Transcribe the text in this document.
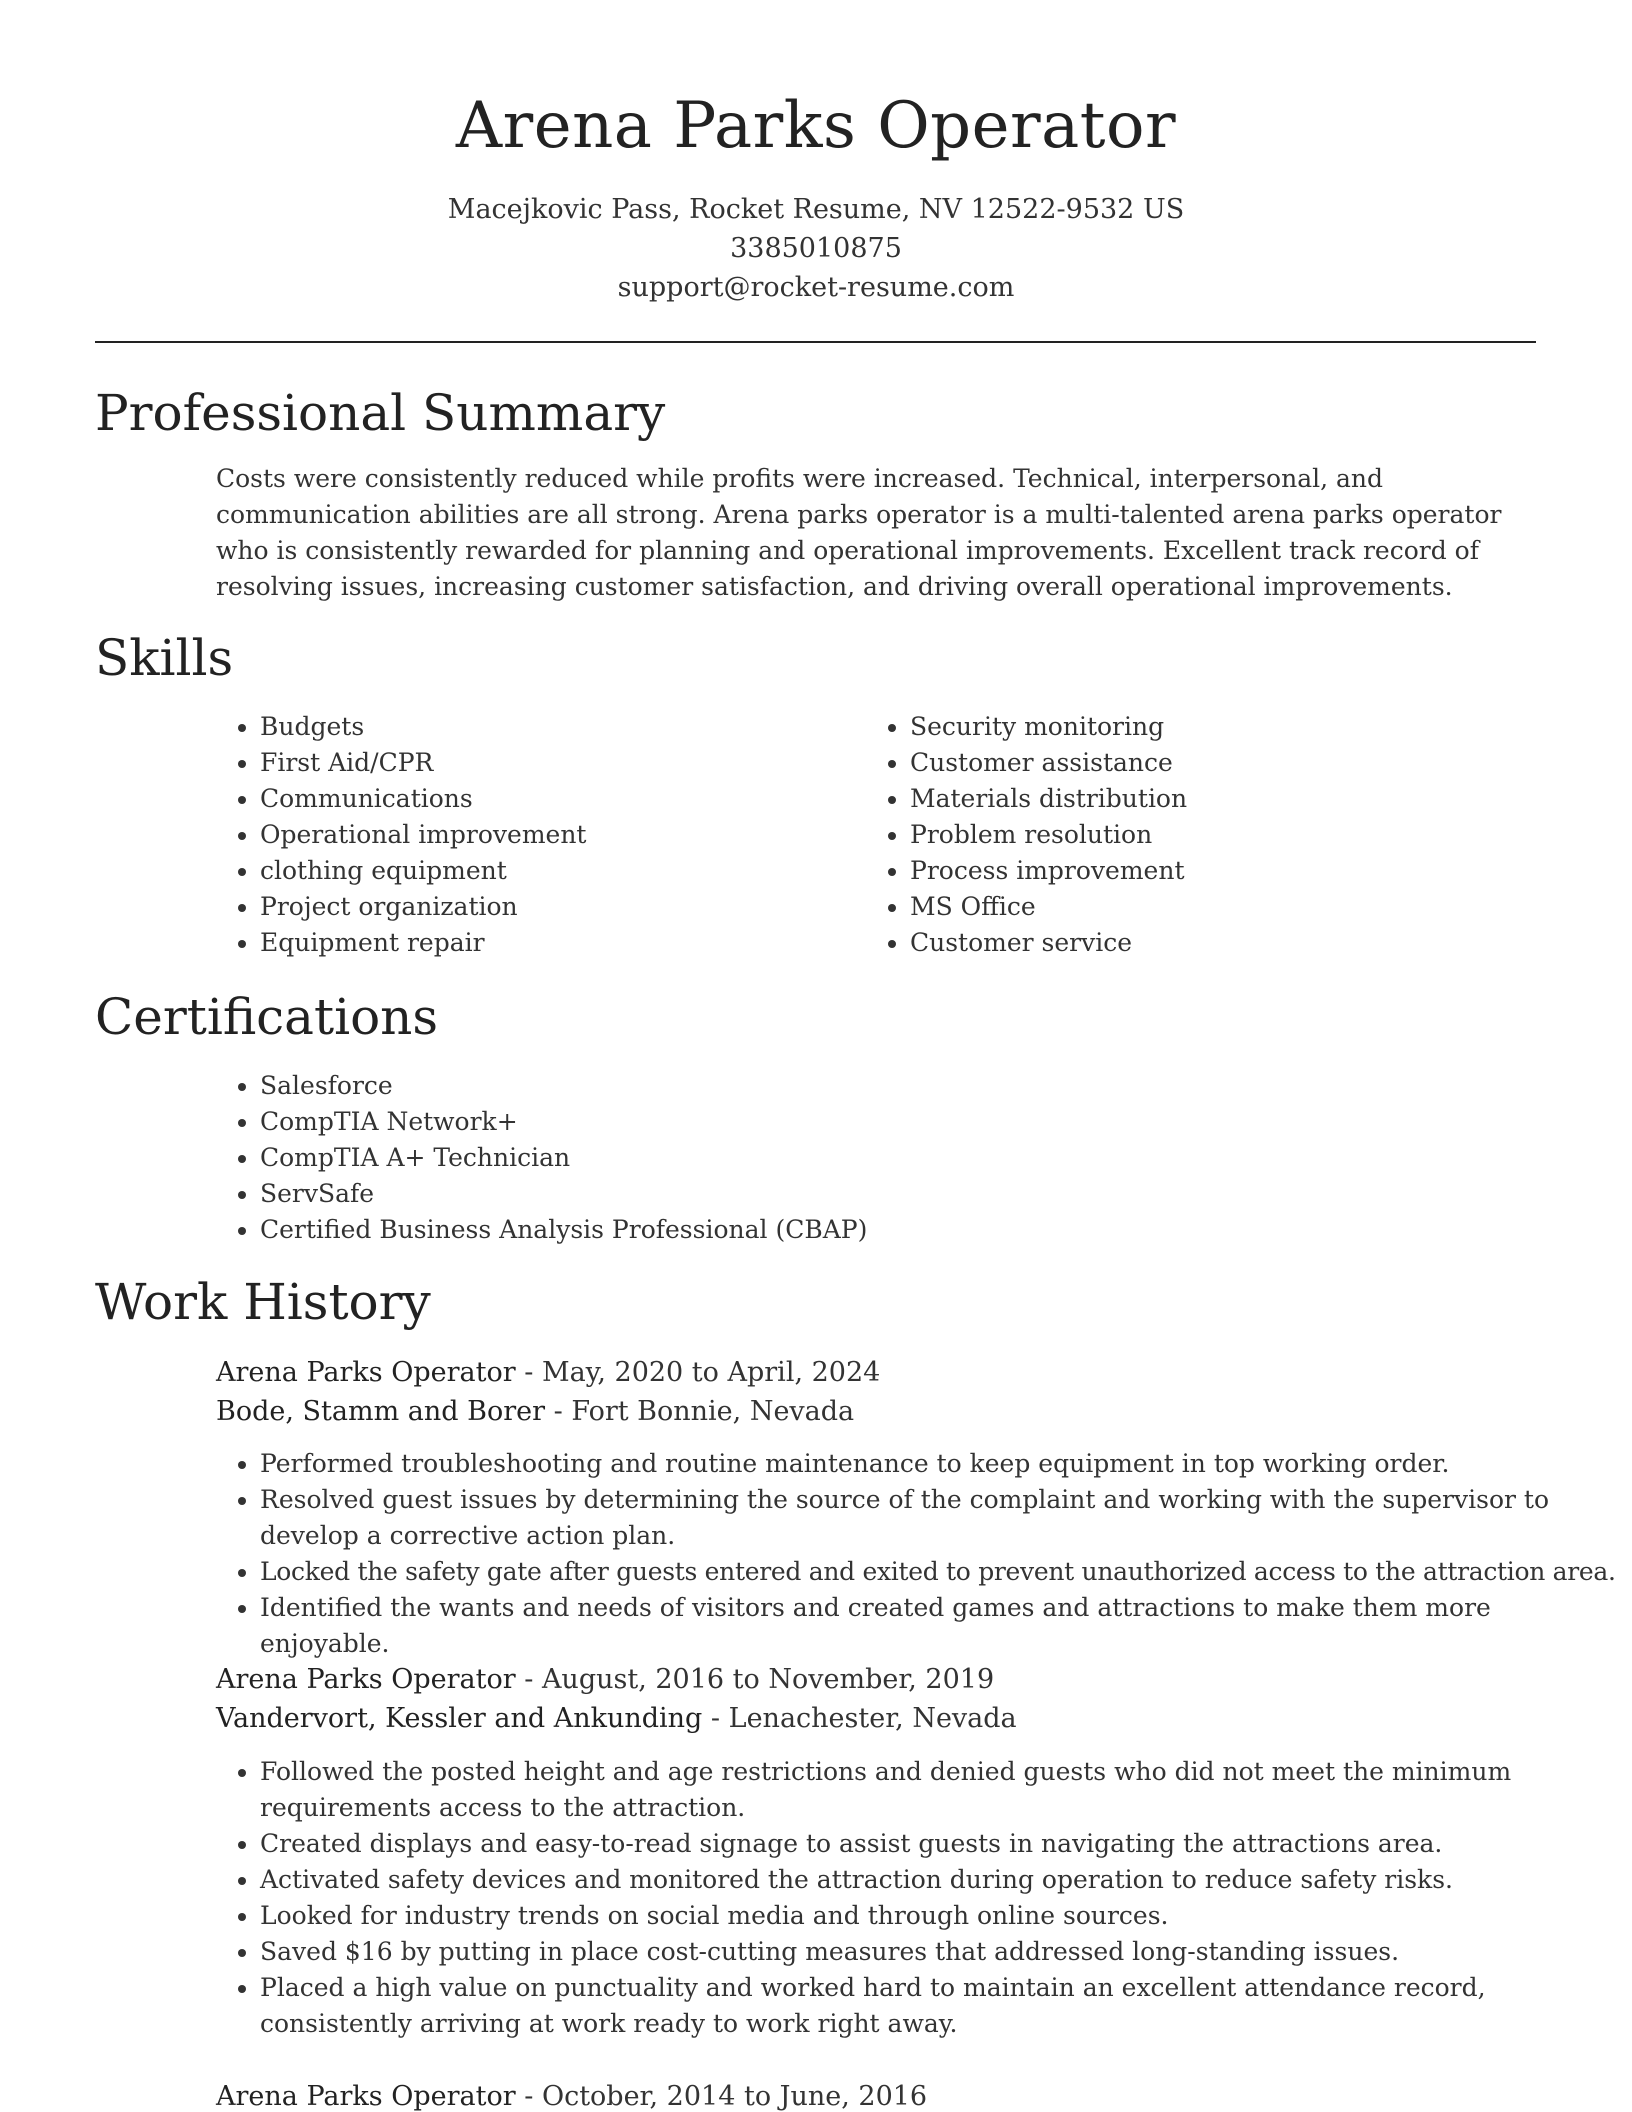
Arena Parks Operator
Macejkovic Pass, Rocket Resume, NV 12522-9532 US
3385010875
support@rocket-resume.com
Professional Summary

Costs were consistently reduced while profits were increased. Technical, interpersonal, and communication abilities are all strong. Arena parks operator is a multi-talented arena parks operator who is consistently rewarded for planning and operational improvements. Excellent track record of resolving issues, increasing customer satisfaction, and driving overall operational improvements.

Skills
• Budgets
• First Aid/CPR
• Communications
• Operational improvement
• clothing equipment
• Project organization
• Equipment repair
• Security monitoring
• Customer assistance
• Materials distribution
• Problem resolution
• Process improvement
• MS Office
• Customer service
Certifications
• Salesforce
• CompTIA Network+
• CompTIA A+ Technician
• ServSafe
• Certified Business Analysis Professional (CBAP)
Work History
Arena Parks Operator - May, 2020 to April, 2024
Bode, Stamm and Borer - Fort Bonnie, Nevada
• Performed troubleshooting and routine maintenance to keep equipment in top working order.
• Resolved guest issues by determining the source of the complaint and working with the supervisor to develop a corrective action plan.
• Locked the safety gate after guests entered and exited to prevent unauthorized access to the attraction area.
• Identified the wants and needs of visitors and created games and attractions to make them more enjoyable.
Arena Parks Operator - August, 2016 to November, 2019
Vandervort, Kessler and Ankunding - Lenachester, Nevada
• Followed the posted height and age restrictions and denied guests who did not meet the minimum requirements access to the attraction.
• Created displays and easy-to-read signage to assist guests in navigating the attractions area.
• Activated safety devices and monitored the attraction during operation to reduce safety risks.
• Looked for industry trends on social media and through online sources.
• Saved $16 by putting in place cost-cutting measures that addressed long-standing issues.
• Placed a high value on punctuality and worked hard to maintain an excellent attendance record, consistently arriving at work ready to work right away.
Arena Parks Operator - October, 2014 to June, 2016
